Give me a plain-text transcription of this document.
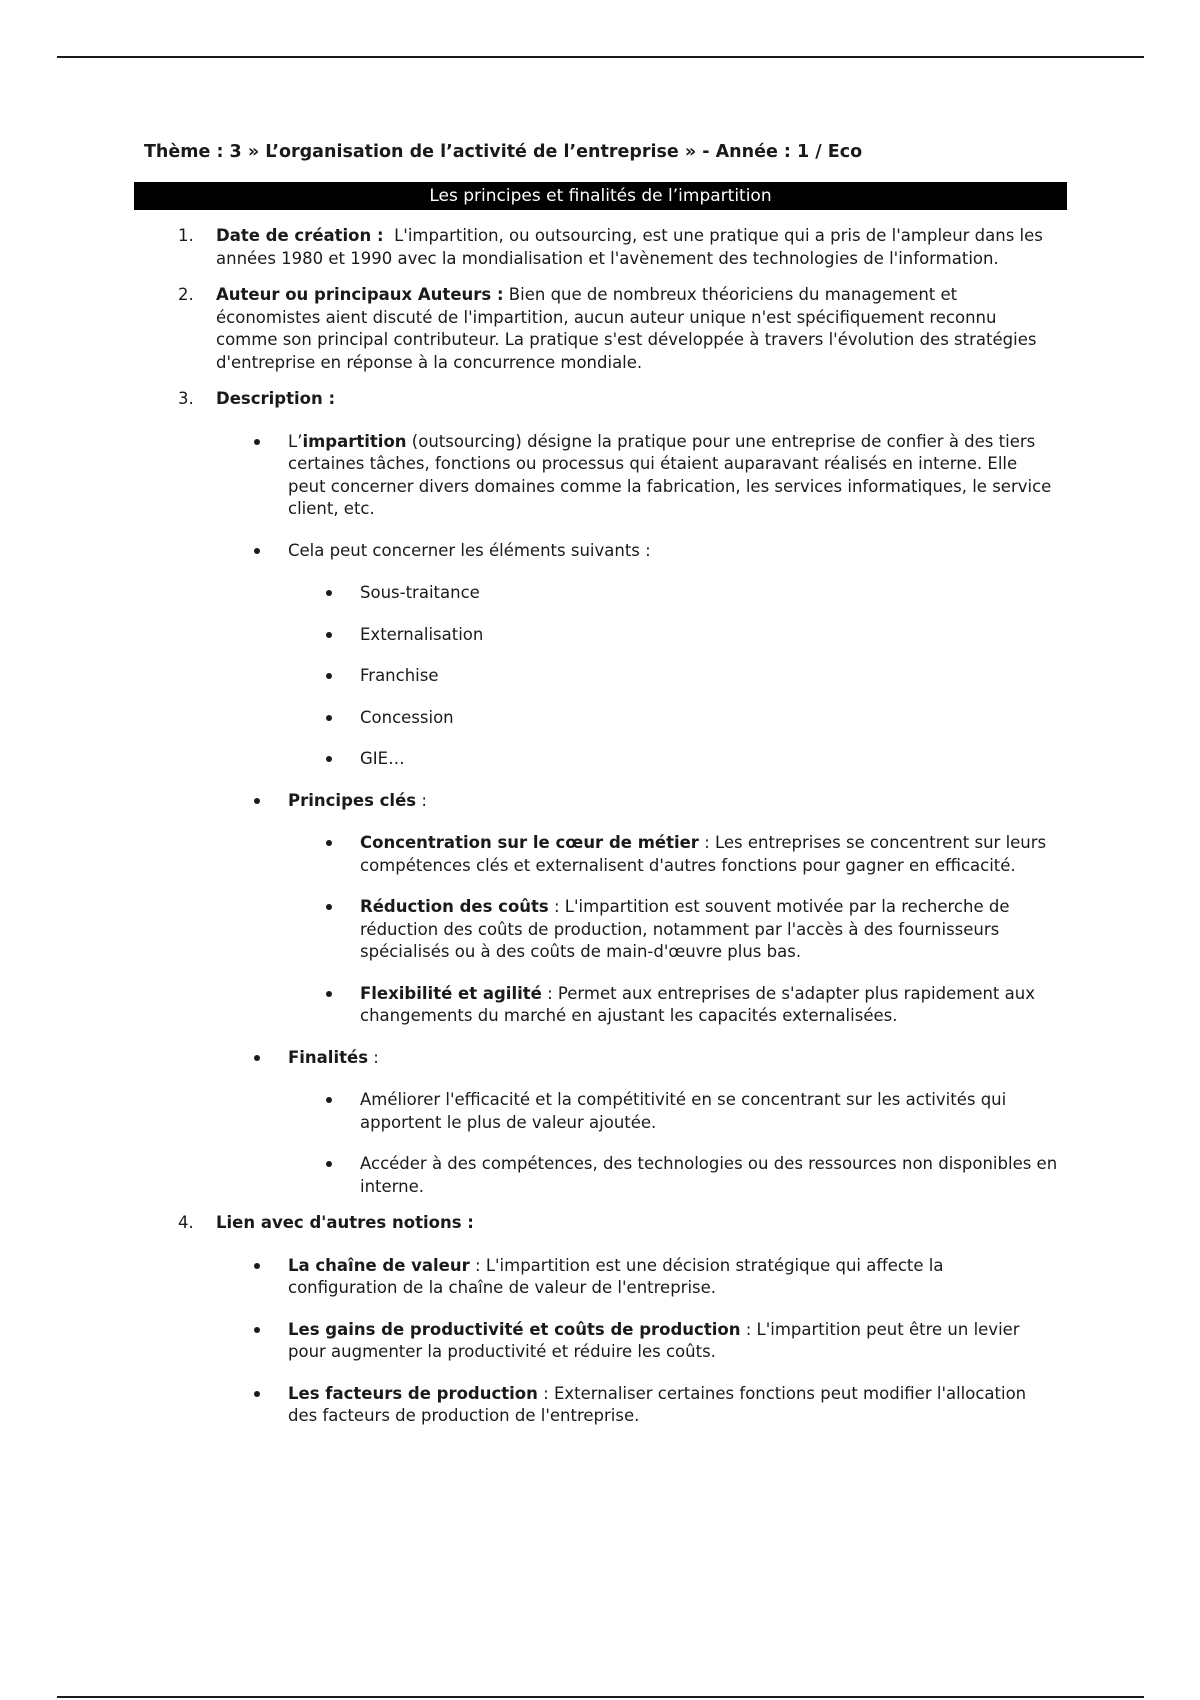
Thème : 3 » L’organisation de l’activité de l’entreprise » - Année : 1 / Eco
Les principes et finalités de l’impartition
1. Date de création :  L'impartition, ou outsourcing, est une pratique qui a pris de l'ampleur dans les années 1980 et 1990 avec la mondialisation et l'avènement des technologies de l'information.
2. Auteur ou principaux Auteurs : Bien que de nombreux théoriciens du management et économistes aient discuté de l'impartition, aucun auteur unique n'est spécifiquement reconnu comme son principal contributeur. La pratique s'est développée à travers l'évolution des stratégies d'entreprise en réponse à la concurrence mondiale.
3. Description :
L’impartition (outsourcing) désigne la pratique pour une entreprise de confier à des tiers certaines tâches, fonctions ou processus qui étaient auparavant réalisés en interne. Elle peut concerner divers domaines comme la fabrication, les services informatiques, le service client, etc.
Cela peut concerner les éléments suivants :
Sous-traitance
Externalisation
Franchise
Concession
GIE…
Principes clés :
Concentration sur le cœur de métier : Les entreprises se concentrent sur leurs compétences clés et externalisent d'autres fonctions pour gagner en efficacité.
Réduction des coûts : L'impartition est souvent motivée par la recherche de réduction des coûts de production, notamment par l'accès à des fournisseurs spécialisés ou à des coûts de main-d'œuvre plus bas.
Flexibilité et agilité : Permet aux entreprises de s'adapter plus rapidement aux changements du marché en ajustant les capacités externalisées.
Finalités :
Améliorer l'efficacité et la compétitivité en se concentrant sur les activités qui apportent le plus de valeur ajoutée.
Accéder à des compétences, des technologies ou des ressources non disponibles en interne.
4. Lien avec d'autres notions :
La chaîne de valeur : L'impartition est une décision stratégique qui affecte la configuration de la chaîne de valeur de l'entreprise.
Les gains de productivité et coûts de production : L'impartition peut être un levier pour augmenter la productivité et réduire les coûts.
Les facteurs de production : Externaliser certaines fonctions peut modifier l'allocation des facteurs de production de l'entreprise.
